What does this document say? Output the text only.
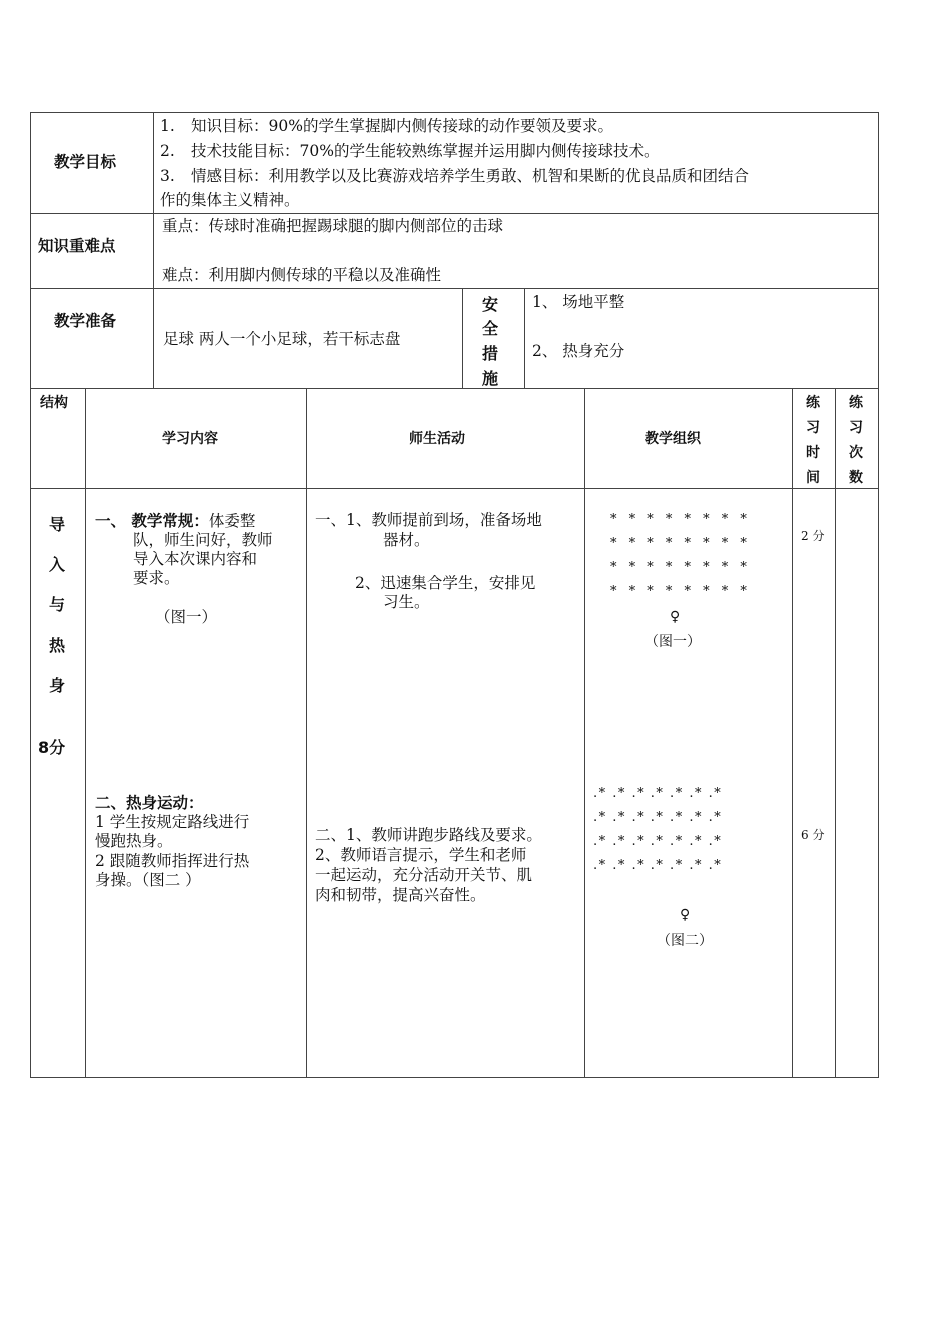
教学目标
1. 知识目标：90%的学生掌握脚内侧传接球的动作要领及要求。
2. 技术技能目标：70%的学生能较熟练掌握并运用脚内侧传接球技术。
3. 情感目标：利用教学以及比赛游戏培养学生勇敢、机智和果断的优良品质和团结合
作的集体主义精神。
知识重难点
重点：传球时准确把握踢球腿的脚内侧部位的击球
难点：利用脚内侧传球的平稳以及准确性
教学准备
足球 两人一个小足球，若干标志盘
安
全
措
施
1、 场地平整
2、 热身充分
结构
学习内容	师生活动	教学组织
练
习
时
间
练
习
次
数
导
入
与
热
身
8分
一、 教学常规：体委整
队，师生问好，教师
导入本次课内容和
要求。
（图一）
一、1、教师提前到场，准备场地
器材。
2、迅速集合学生，安排见
习生。
* * * * * * * *
* * * * * * * *
* * * * * * * *
* * * * * * * *
♀
（图一）
2 分
二、热身运动：
1 学生按规定路线进行
慢跑热身。
2 跟随教师指挥进行热
身操。（图二 ）
二、1、教师讲跑步路线及要求。
2、教师语言提示，学生和老师
一起运动，充分活动开关节、肌
肉和韧带，提高兴奋性。
.* .* .* .* .* .* .*
.* .* .* .* .* .* .*
.* .* .* .* .* .* .*
.* .* .* .* .* .* .*
♀
（图二）
6 分
